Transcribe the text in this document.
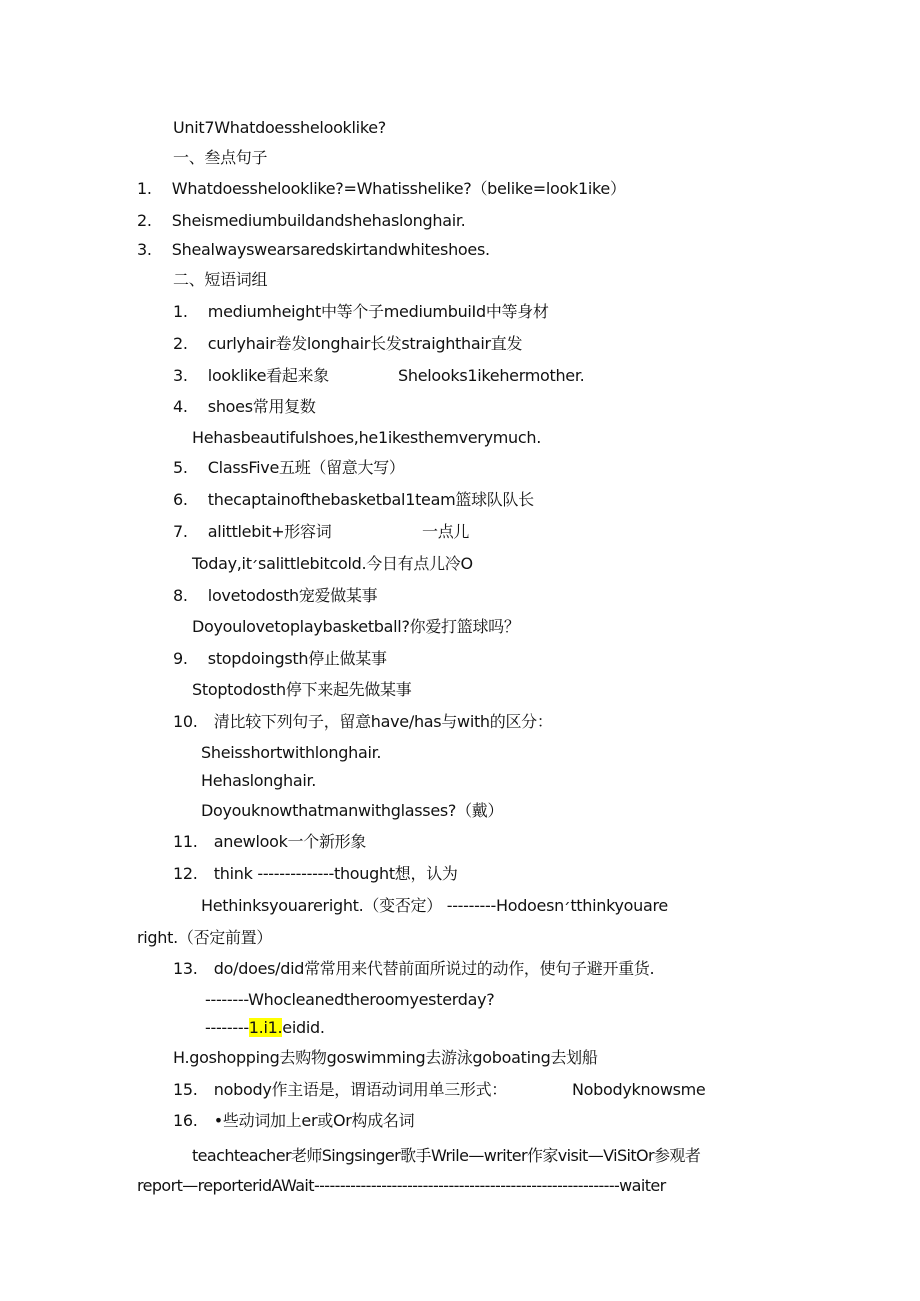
Unit7Whatdoesshelooklike?
一、叁点句子
1. Whatdoesshelooklike?=Whatisshelike?（belike=look1ike）
2. Sheismediumbuildandshehaslonghair.
3. Shealwayswearsaredskirtandwhiteshoes.
二、短语词组
1. mediumheight中等个子mediumbuiId中等身材
2. curlyhair卷发longhair长发straighthair直发
3. looklike看起来象	Shelooks1ikehermother.
4. shoes常用复数
Hehasbeautifulshoes,he1ikesthemverymuch.
5. ClassFive五班（留意大写）
6. thecaptainofthebasketbal1team篮球队队长
7. alittlebit+形容词	一点儿
Today,it׳salittlebitcold.今日有点儿冷O
8. lovetodosth宠爱做某事
Doyoulovetoplaybasketball?你爱打篮球吗？
9. stopdoingsth停止做某事
Stoptodosth停下来起先做某事
10. 清比较下列句子，留意have/has与with的区分：
Sheisshortwithlonghair.
Hehaslonghair.
Doyouknowthatmanwithglasses?（戴）
11. anewlook一个新形象
12. think --------------thought想，认为
Hethinksyouareright.（变否定） ---------Hodoesn׳tthinkyouare
right.（否定前置）
13. do∕does∕did常常用来代替前面所说过的动作，使句子避开重货.
--------Whocleanedtheroomyesterday?
--------1.i1.eidid.
H.goshopping去购物goswimming去游泳goboating去划船
15. nobody作主语是，谓语动词用单三形式：	Nobodyknowsme
16. •些动词加上er或Or构成名词
teachteacher老师Singsinger歌手Wrile—writer作家visit—ViSitOr参观者
report—reporteridAWait-----------------------------------------------------------waiter
